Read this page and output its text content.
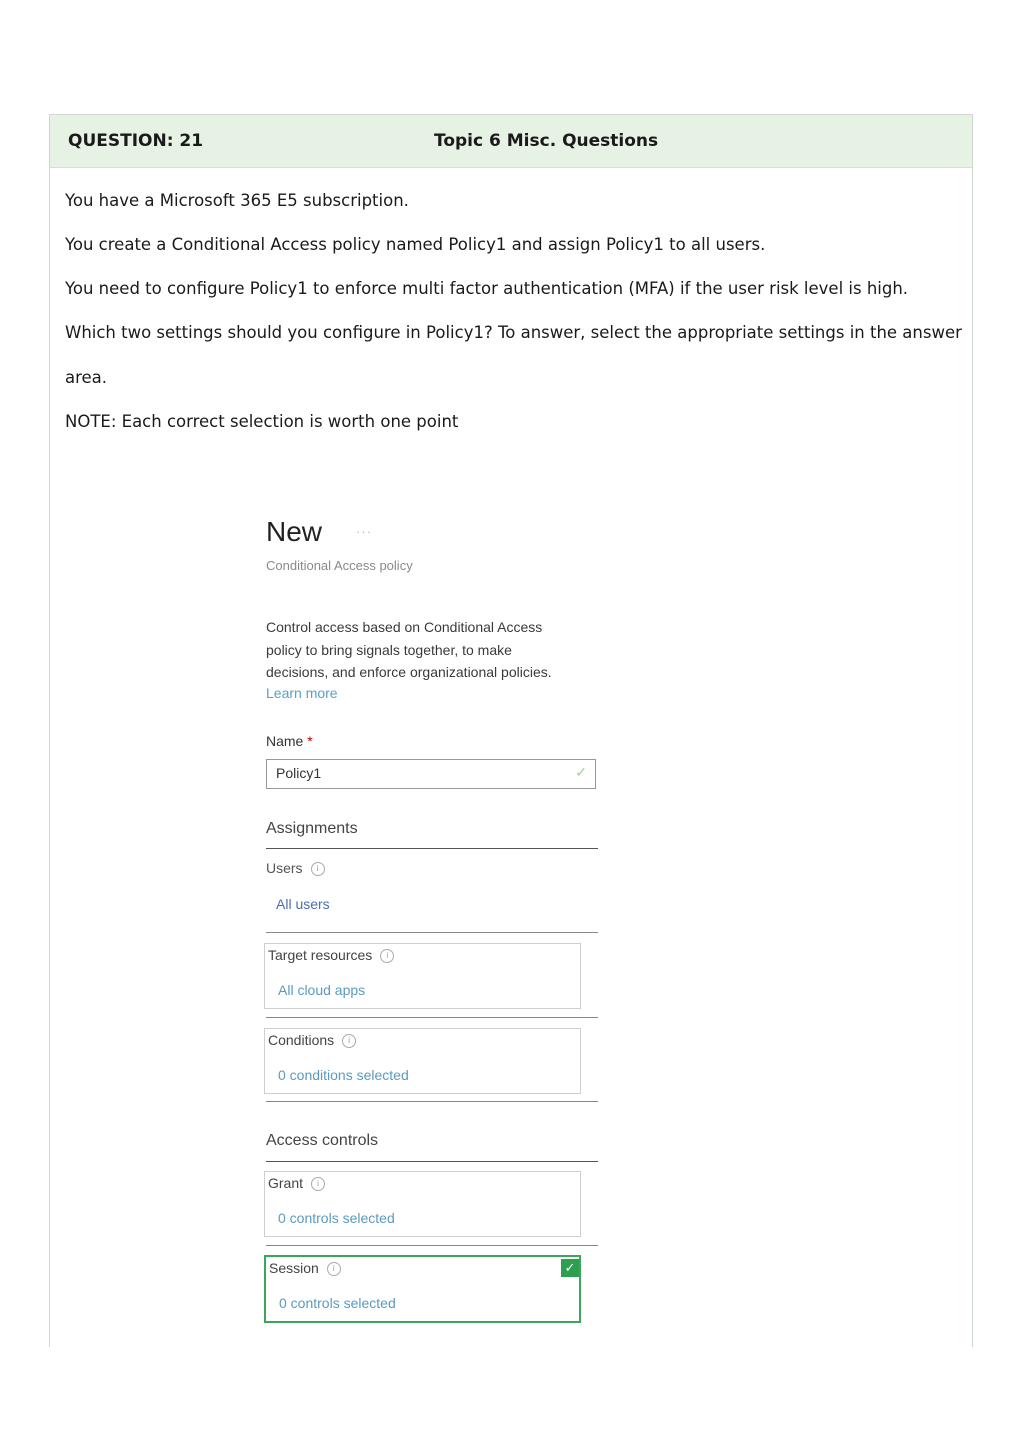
QUESTION: 21	Topic 6 Misc. Questions
You have a Microsoft 365 E5 subscription.
You create a Conditional Access policy named Policy1 and assign Policy1 to all users.
You need to configure Policy1 to enforce multi factor authentication (MFA) if the user risk level is high.
Which two settings should you configure in Policy1? To answer, select the appropriate settings in the answer
area.
NOTE: Each correct selection is worth one point
New	···
Conditional Access policy
Control access based on Conditional Access
policy to bring signals together, to make
decisions, and enforce organizational policies.
Learn more
Name *
Policy1	✓
Assignments
Users i
All users
Target resources i
All cloud apps
Conditions i
0 conditions selected
Access controls
Grant i
0 controls selected
Session i	✓
0 controls selected
